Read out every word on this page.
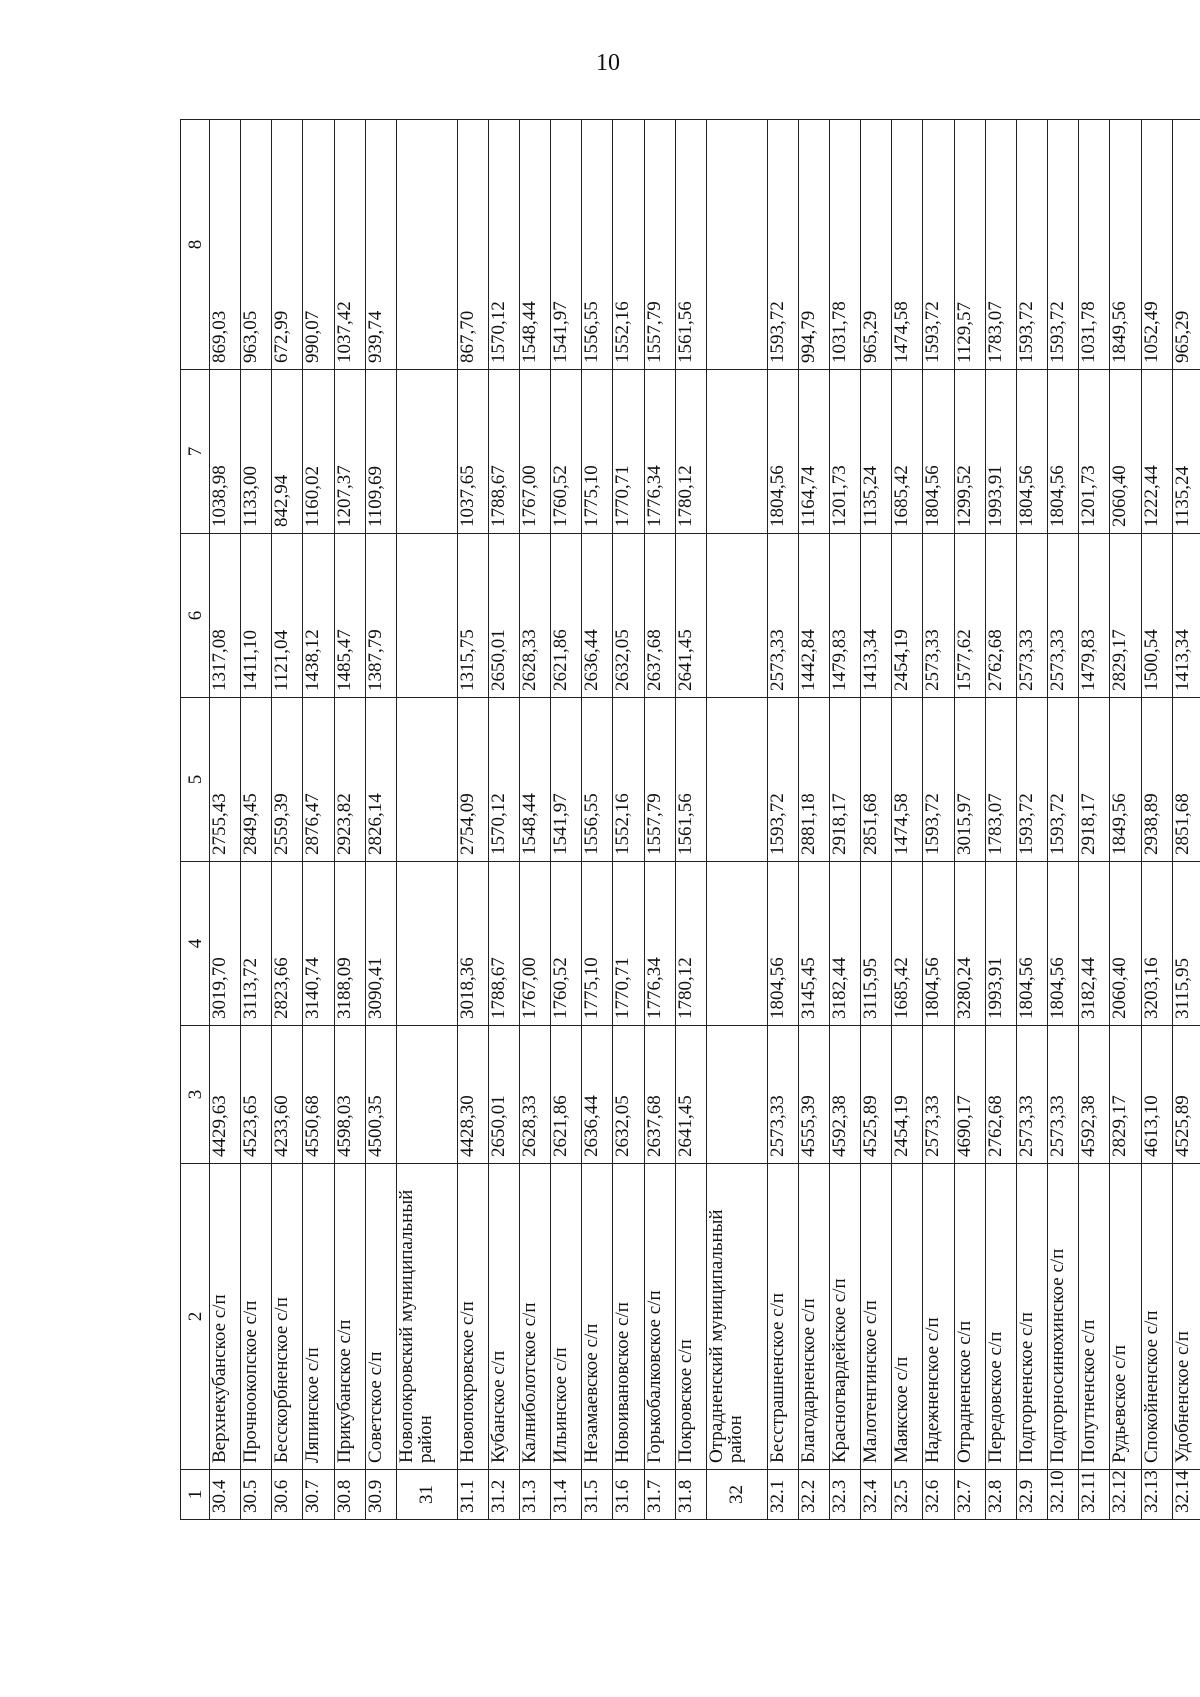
10
1	2	3	4	5	6	7	8
30.4	Верхнекубанское с/п	4429,63	3019,70	2755,43	1317,08	1038,98	869,03
30.5	Прочноокопское с/п	4523,65	3113,72	2849,45	1411,10	1133,00	963,05
30.6	Бесскорбненское с/п	4233,60	2823,66	2559,39	1121,04	842,94	672,99
30.7	Ляпинское с/п	4550,68	3140,74	2876,47	1438,12	1160,02	990,07
30.8	Прикубанское с/п	4598,03	3188,09	2923,82	1485,47	1207,37	1037,42
30.9	Советское с/п	4500,35	3090,41	2826,14	1387,79	1109,69	939,74
31	Новопокровский муниципальный район						
31.1	Новопокровское с/п	4428,30	3018,36	2754,09	1315,75	1037,65	867,70
31.2	Кубанское с/п	2650,01	1788,67	1570,12	2650,01	1788,67	1570,12
31.3	Калниболотское с/п	2628,33	1767,00	1548,44	2628,33	1767,00	1548,44
31.4	Ильинское с/п	2621,86	1760,52	1541,97	2621,86	1760,52	1541,97
31.5	Незамаевское с/п	2636,44	1775,10	1556,55	2636,44	1775,10	1556,55
31.6	Новоивановское с/п	2632,05	1770,71	1552,16	2632,05	1770,71	1552,16
31.7	Горькобалковское с/п	2637,68	1776,34	1557,79	2637,68	1776,34	1557,79
31.8	Покровское с/п	2641,45	1780,12	1561,56	2641,45	1780,12	1561,56
32	Отрадненский муниципальный район						
32.1	Бесстрашненское с/п	2573,33	1804,56	1593,72	2573,33	1804,56	1593,72
32.2	Благодарненское с/п	4555,39	3145,45	2881,18	1442,84	1164,74	994,79
32.3	Красногвардейское с/п	4592,38	3182,44	2918,17	1479,83	1201,73	1031,78
32.4	Малотенгинское с/п	4525,89	3115,95	2851,68	1413,34	1135,24	965,29
32.5	Маякское с/п	2454,19	1685,42	1474,58	2454,19	1685,42	1474,58
32.6	Надежненское с/п	2573,33	1804,56	1593,72	2573,33	1804,56	1593,72
32.7	Отрадненское с/п	4690,17	3280,24	3015,97	1577,62	1299,52	1129,57
32.8	Передовское с/п	2762,68	1993,91	1783,07	2762,68	1993,91	1783,07
32.9	Подгорненское с/п	2573,33	1804,56	1593,72	2573,33	1804,56	1593,72
32.10	Подгорносинюхинское с/п	2573,33	1804,56	1593,72	2573,33	1804,56	1593,72
32.11	Попутненское с/п	4592,38	3182,44	2918,17	1479,83	1201,73	1031,78
32.12	Рудьевское с/п	2829,17	2060,40	1849,56	2829,17	2060,40	1849,56
32.13	Спокойненское с/п	4613,10	3203,16	2938,89	1500,54	1222,44	1052,49
32.14	Удобненское с/п	4525,89	3115,95	2851,68	1413,34	1135,24	965,29
